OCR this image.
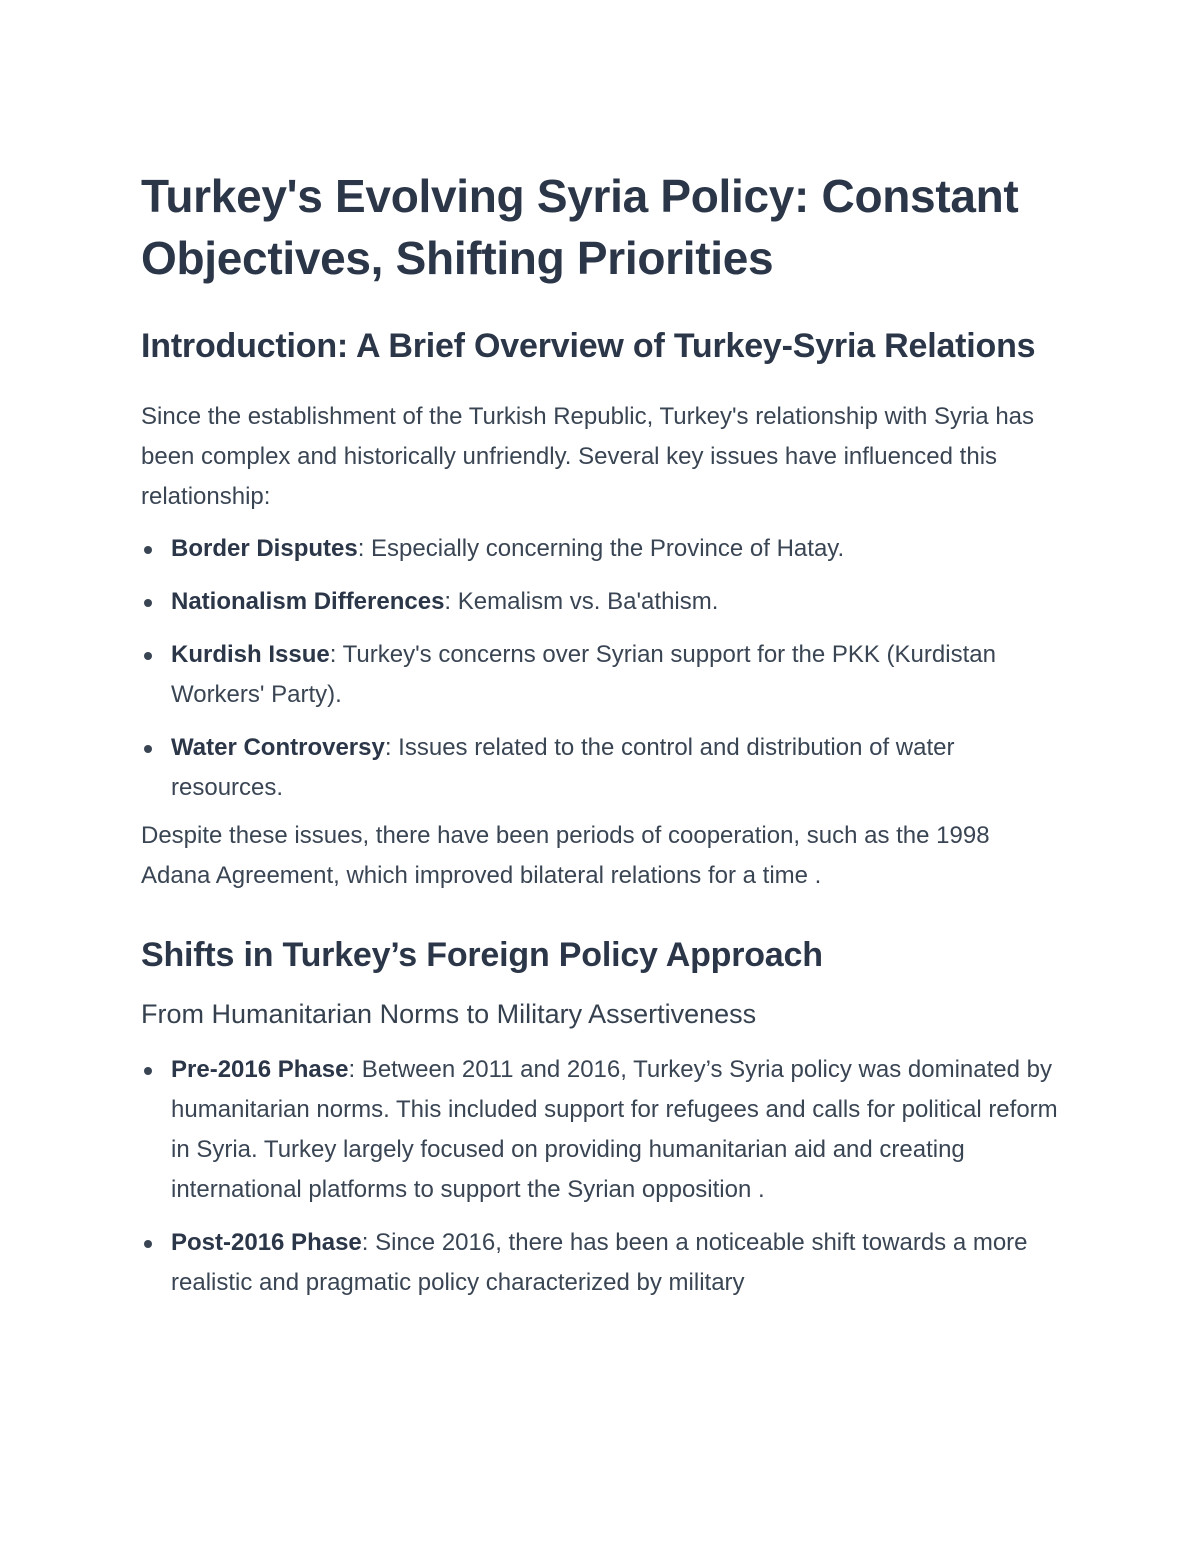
Turkey's Evolving Syria Policy: Constant Objectives, Shifting Priorities
Introduction: A Brief Overview of Turkey-Syria Relations

Since the establishment of the Turkish Republic, Turkey's relationship with Syria has been complex and historically unfriendly. Several key issues have influenced this relationship:

Border Disputes: Especially concerning the Province of Hatay.
Nationalism Differences: Kemalism vs. Ba'athism.
Kurdish Issue: Turkey's concerns over Syrian support for the PKK (Kurdistan Workers' Party).
Water Controversy: Issues related to the control and distribution of water resources.

Despite these issues, there have been periods of cooperation, such as the 1998 Adana Agreement, which improved bilateral relations for a time .

Shifts in Turkey’s Foreign Policy Approach
From Humanitarian Norms to Military Assertiveness
Pre-2016 Phase: Between 2011 and 2016, Turkey’s Syria policy was dominated by humanitarian norms. This included support for refugees and calls for political reform in Syria. Turkey largely focused on providing humanitarian aid and creating international platforms to support the Syrian opposition .
Post-2016 Phase: Since 2016, there has been a noticeable shift towards a more realistic and pragmatic policy characterized by military
